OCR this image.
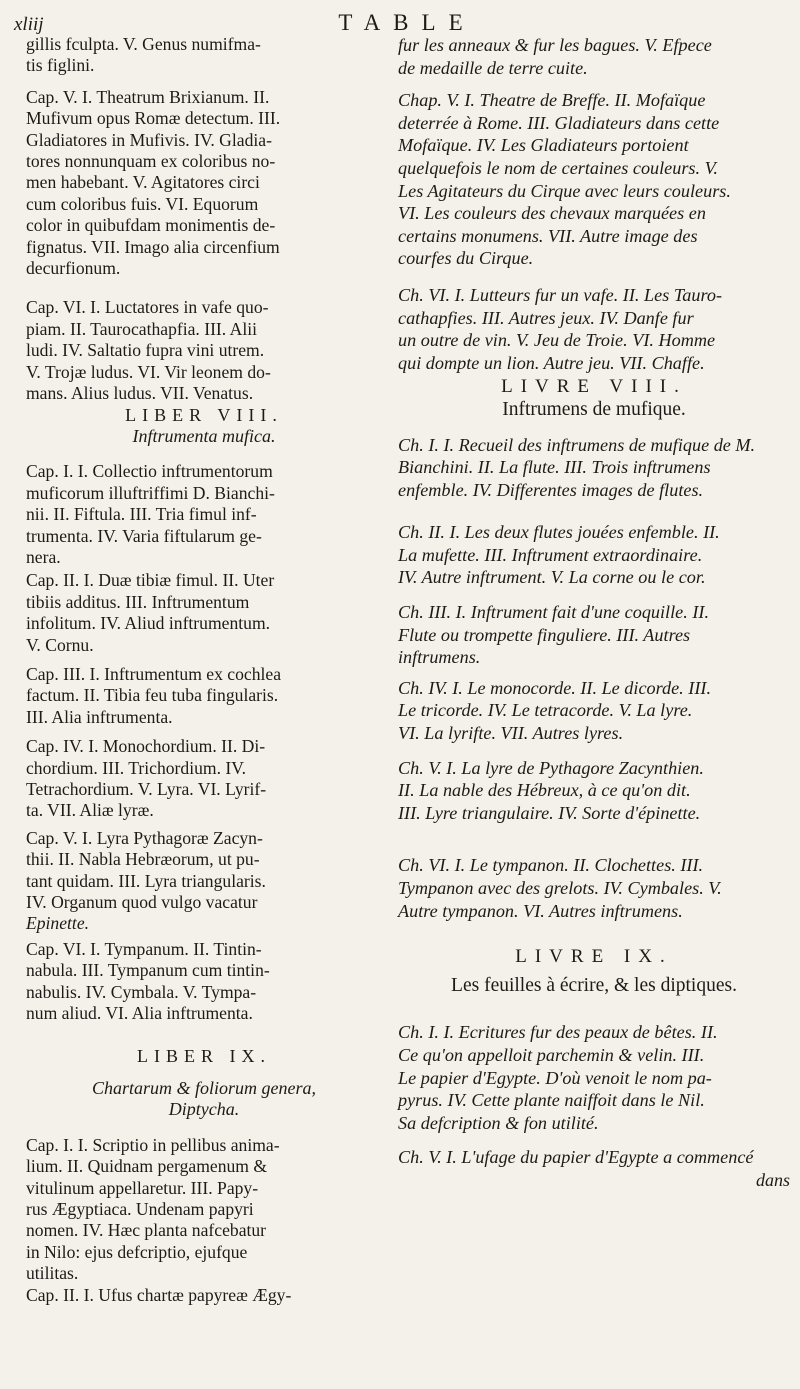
xliij	TABLE

gillis fculpta. V. Genus numifma-
tis figlini.

Cap. V. I. Theatrum Brixianum. II.
Mufivum opus Romæ detectum. III.
Gladiatores in Mufivis. IV. Gladia-
tores nonnunquam ex coloribus no-
men habebant. V. Agitatores circi
cum coloribus fuis. VI. Equorum
color in quibufdam monimentis de-
fignatus. VII. Imago alia circenfium
decurfionum.

Cap. VI. I. Luctatores in vafe quo-
piam. II. Taurocathapfia. III. Alii
ludi. IV. Saltatio fupra vini utrem.
V. Trojæ ludus. VI. Vir leonem do-
mans. Alius ludus. VII. Venatus.

LIBER VIII.

Inftrumenta mufica.

Cap. I. I. Collectio inftrumentorum
muficorum illuftriffimi D. Bianchi-
nii. II. Fiftula. III. Tria fimul inf-
trumenta. IV. Varia fiftularum ge-
nera.

Cap. II. I. Duæ tibiæ fimul. II. Uter
tibiis additus. III. Inftrumentum
infolitum. IV. Aliud inftrumentum.
V. Cornu.

Cap. III. I. Inftrumentum ex cochlea
factum. II. Tibia feu tuba fingularis.
III. Alia inftrumenta.

Cap. IV. I. Monochordium. II. Di-
chordium. III. Trichordium. IV.
Tetrachordium. V. Lyra. VI. Lyrif-
ta. VII. Aliæ lyræ.

Cap. V. I. Lyra Pythagoræ Zacyn-
thii. II. Nabla Hebræorum, ut pu-
tant quidam. III. Lyra triangularis.
IV. Organum quod vulgo vacatur
Epinette.

Cap. VI. I. Tympanum. II. Tintin-
nabula. III. Tympanum cum tintin-
nabulis. IV. Cymbala. V. Tympa-
num aliud. VI. Alia inftrumenta.

LIBER IX.

Chartarum & foliorum genera,
Diptycha.

Cap. I. I. Scriptio in pellibus anima-
lium. II. Quidnam pergamenum &
vitulinum appellaretur. III. Papy-
rus Ægyptiaca. Undenam papyri
nomen. IV. Hæc planta nafcebatur
in Nilo: ejus defcriptio, ejufque
utilitas.

Cap. II. I. Ufus chartæ papyreæ Ægy-

fur les anneaux & fur les bagues. V. Efpece
de medaille de terre cuite.

Chap. V. I. Theatre de Breffe. II. Mofaïque
deterrée à Rome. III. Gladiateurs dans cette
Mofaïque. IV. Les Gladiateurs portoient
quelquefois le nom de certaines couleurs. V.
Les Agitateurs du Cirque avec leurs couleurs.
VI. Les couleurs des chevaux marquées en
certains monumens. VII. Autre image des
courfes du Cirque.

Ch. VI. I. Lutteurs fur un vafe. II. Les Tauro-
cathapfies. III. Autres jeux. IV. Danfe fur
un outre de vin. V. Jeu de Troie. VI. Homme
qui dompte un lion. Autre jeu. VII. Chaffe.

LIVRE VIII.

Inftrumens de mufique.

Ch. I. I. Recueil des inftrumens de mufique de M.
Bianchini. II. La flute. III. Trois inftrumens
enfemble. IV. Differentes images de flutes.

Ch. II. I. Les deux flutes jouées enfemble. II.
La mufette. III. Inftrument extraordinaire.
IV. Autre inftrument. V. La corne ou le cor.

Ch. III. I. Inftrument fait d'une coquille. II.
Flute ou trompette finguliere. III. Autres
inftrumens.

Ch. IV. I. Le monocorde. II. Le dicorde. III.
Le tricorde. IV. Le tetracorde. V. La lyre.
VI. La lyrifte. VII. Autres lyres.

Ch. V. I. La lyre de Pythagore Zacynthien.
II. La nable des Hébreux, à ce qu'on dit.
III. Lyre triangulaire. IV. Sorte d'épinette.

Ch. VI. I. Le tympanon. II. Clochettes. III.
Tympanon avec des grelots. IV. Cymbales. V.
Autre tympanon. VI. Autres inftrumens.

LIVRE IX.

Les feuilles à écrire, & les diptiques.

Ch. I. I. Ecritures fur des peaux de bêtes. II.
Ce qu'on appelloit parchemin & velin. III.
Le papier d'Egypte. D'où venoit le nom pa-
pyrus. IV. Cette plante naiffoit dans le Nil.
Sa defcription & fon utilité.

Ch. V. I. L'ufage du papier d'Egypte a commencé

dans
